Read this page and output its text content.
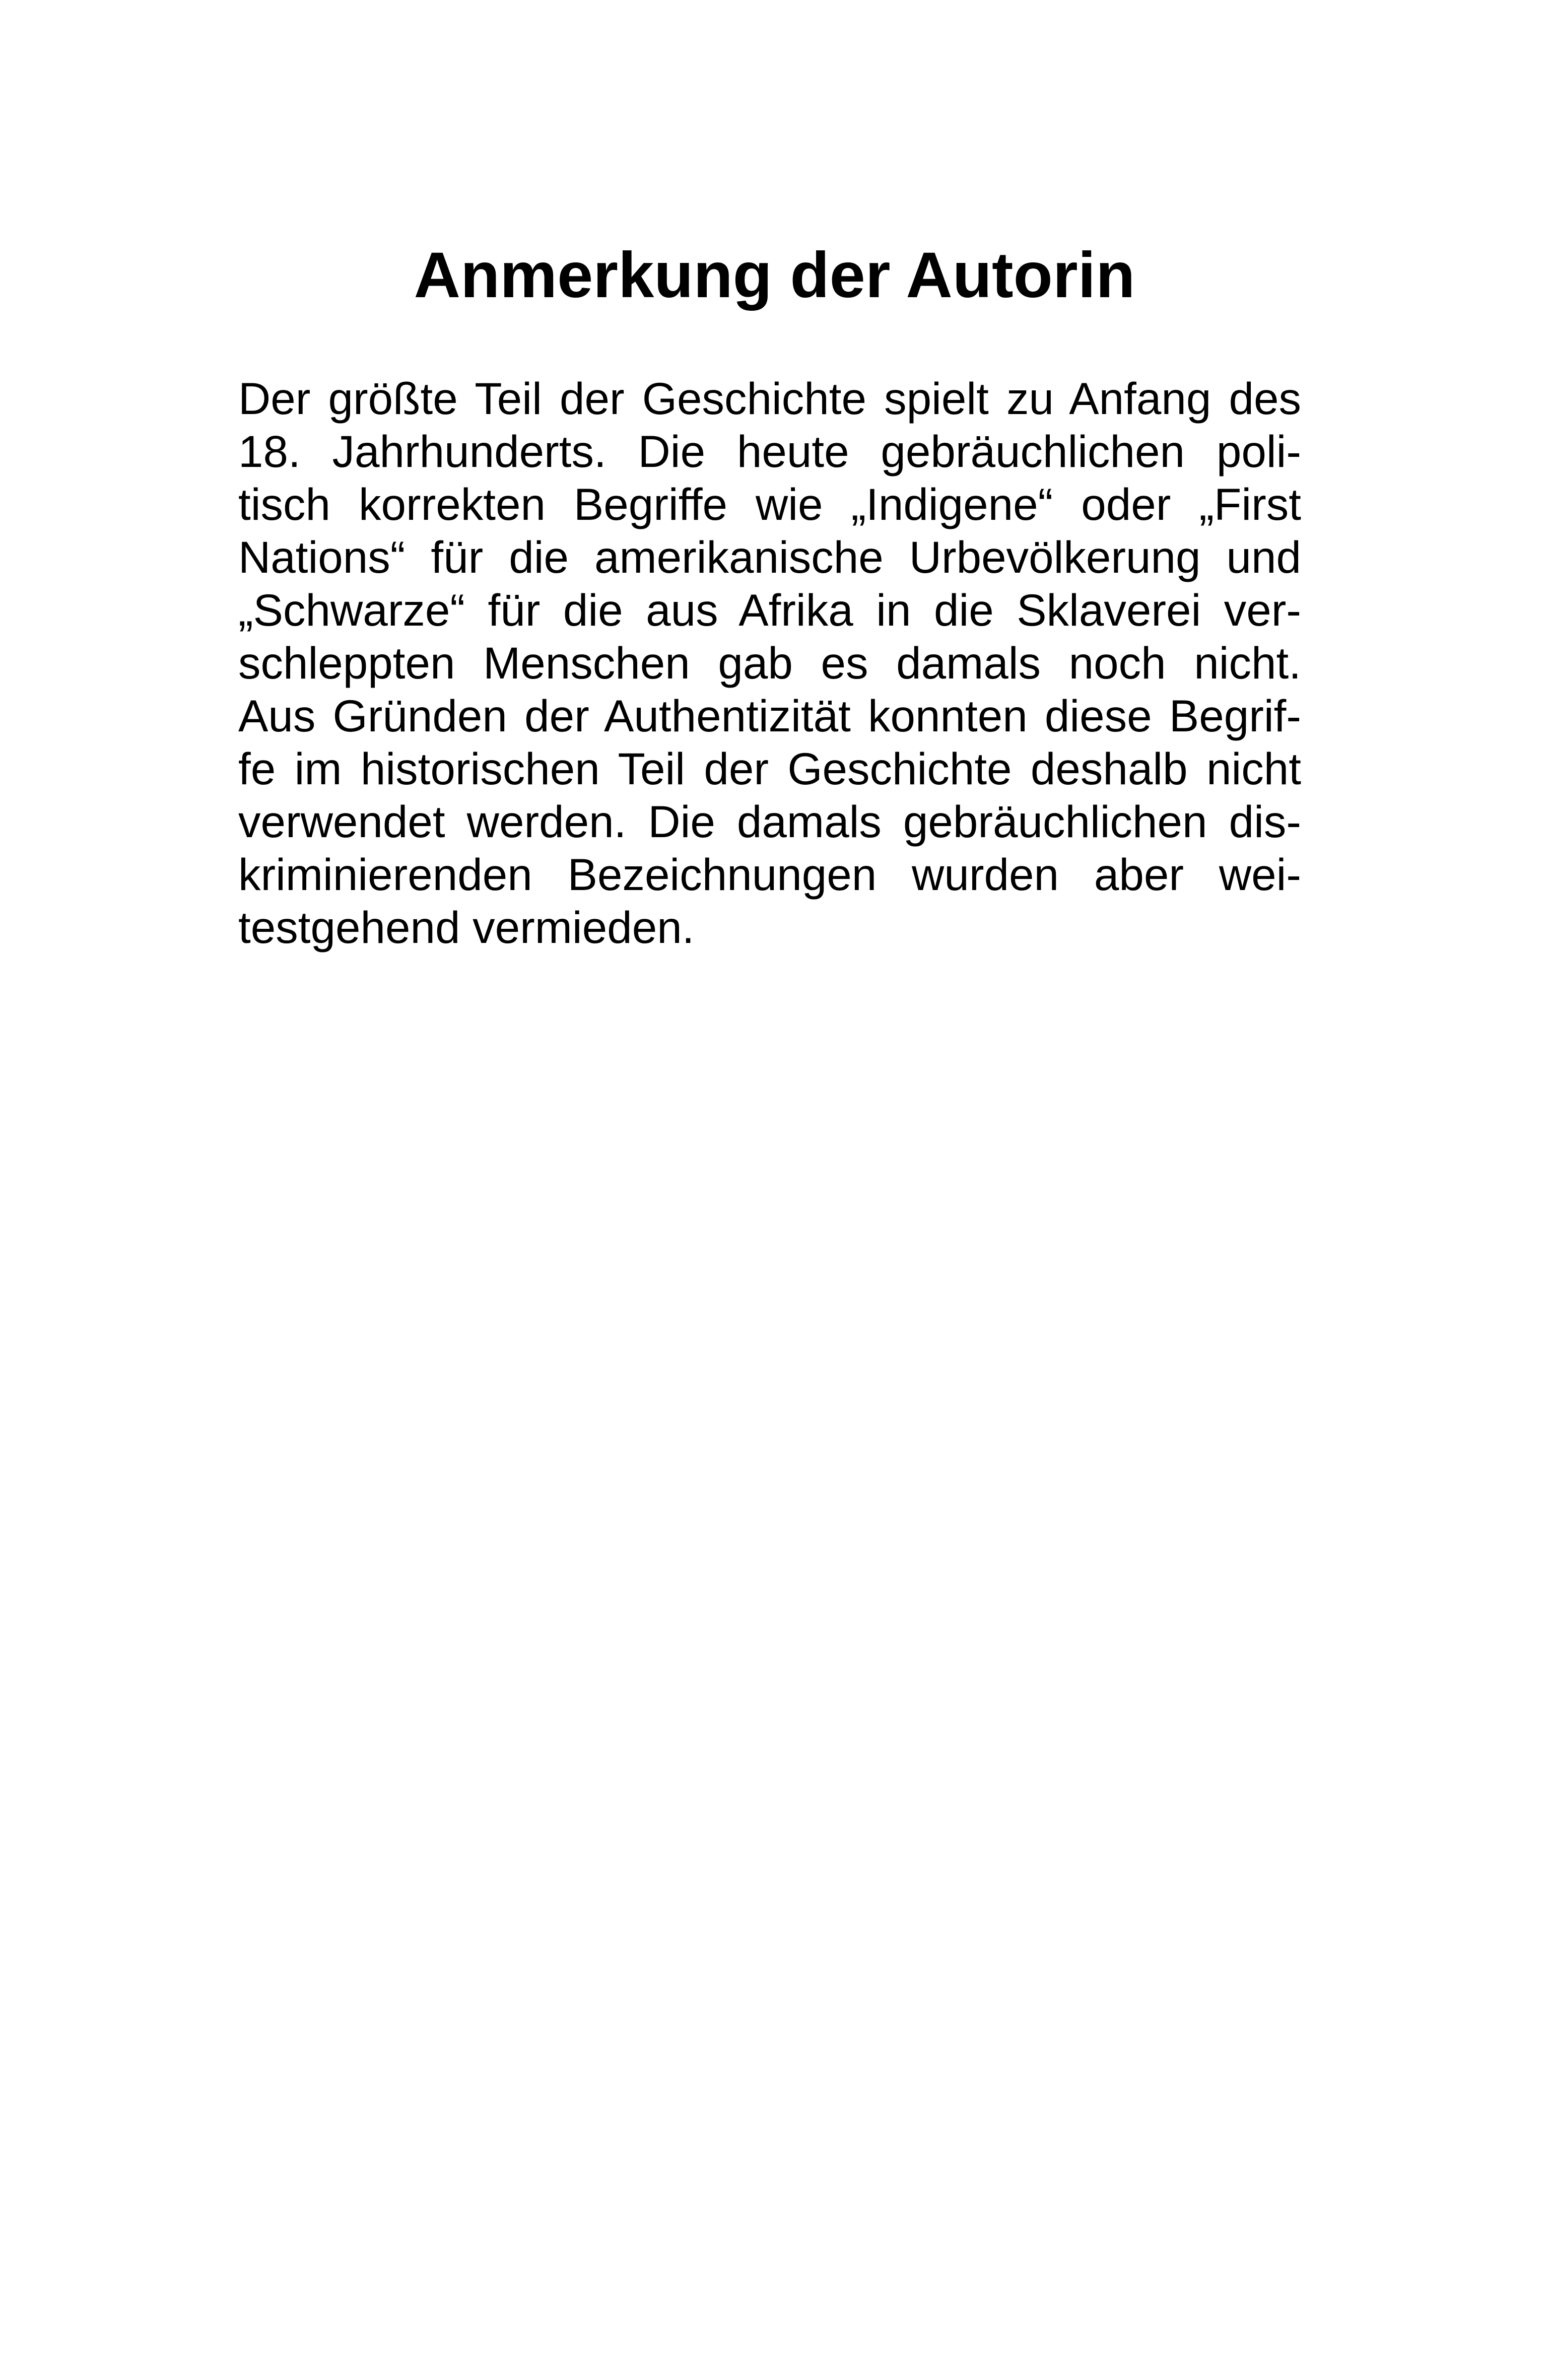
Anmerkung der Autorin
Der größte Teil der Geschichte spielt zu Anfang des
18. Jahrhunderts. Die heute gebräuchlichen poli-
tisch korrekten Begriffe wie „Indigene“ oder „First
Nations“ für die amerikanische Urbevölkerung und
„Schwarze“ für die aus Afrika in die Sklaverei ver-
schleppten Menschen gab es damals noch nicht.
Aus Gründen der Authentizität konnten diese Begrif-
fe im historischen Teil der Geschichte deshalb nicht
verwendet werden. Die damals gebräuchlichen dis-
kriminierenden Bezeichnungen wurden aber wei-
testgehend vermieden.
